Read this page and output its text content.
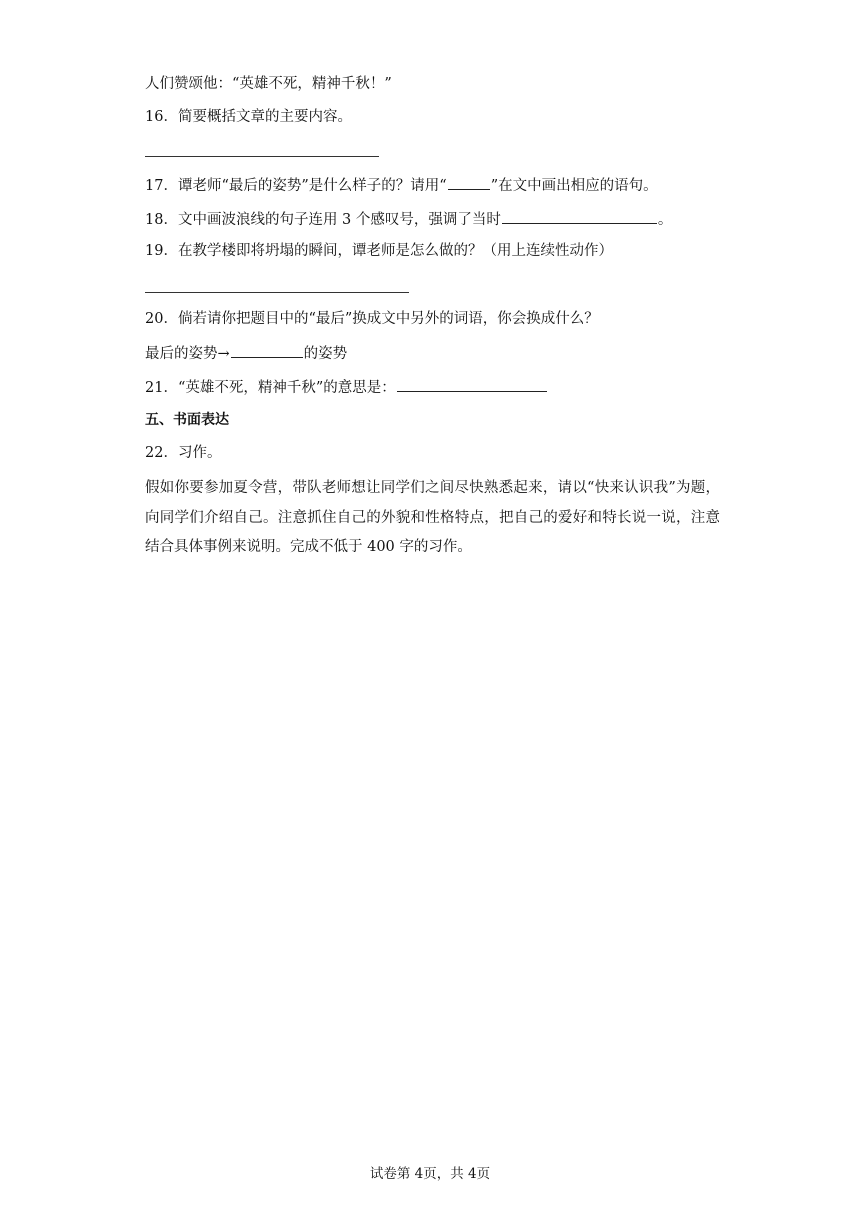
人们赞颂他：“英雄不死，精神千秋！”
16．简要概括文章的主要内容。
17．谭老师“最后的姿势”是什么样子的？请用“	”在文中画出相应的语句。
18．文中画波浪线的句子连用 3 个感叹号，强调了当时	。
19．在教学楼即将坍塌的瞬间，谭老师是怎么做的？（用上连续性动作）
20．倘若请你把题目中的“最后”换成文中另外的词语，你会换成什么？
最后的姿势→	的姿势
21．“英雄不死，精神千秋”的意思是：
五、书面表达
22．习作。
假如你要参加夏令营，带队老师想让同学们之间尽快熟悉起来，请以“快来认识我”为题，向同学们介绍自己。注意抓住自己的外貌和性格特点，把自己的爱好和特长说一说，注意结合具体事例来说明。完成不低于 400 字的习作。
试卷第 4页，共 4页
